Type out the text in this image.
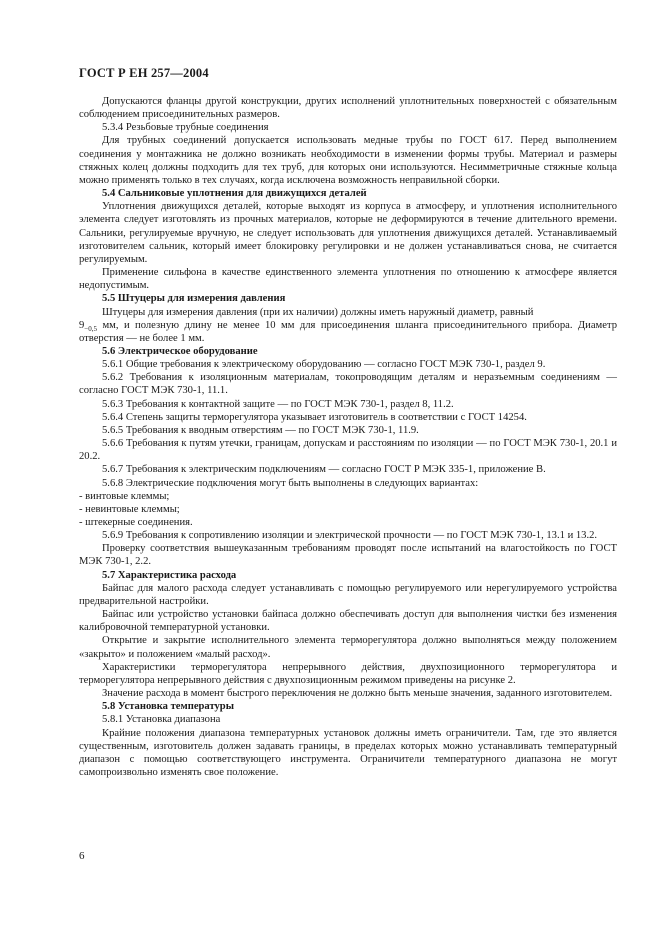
ГОСТ Р ЕН 257—2004

Допускаются фланцы другой конструкции, других исполнений уплотнительных поверхностей с обязательным соблюдением присоединительных размеров.

5.3.4 Резьбовые трубные соединения

Для трубных соединений допускается использовать медные трубы по ГОСТ 617. Перед выполнением соединения у монтажника не должно возникать необходимости в изменении формы трубы. Материал и размеры стяжных колец должны подходить для тех труб, для которых они используются. Несимметричные стяжные кольца можно применять только в тех случаях, когда исключена возможность неправильной сборки.

5.4 Сальниковые уплотнения для движущихся деталей

Уплотнения движущихся деталей, которые выходят из корпуса в атмосферу, и уплотнения исполнительного элемента следует изготовлять из прочных материалов, которые не деформируются в течение длительного времени. Сальники, регулируемые вручную, не следует использовать для уплотнения движущихся деталей. Устанавливаемый изготовителем сальник, который имеет блокировку регулировки и не должен устанавливаться снова, не считается регулируемым.

Применение сильфона в качестве единственного элемента уплотнения по отношению к атмосфере является недопустимым.

5.5 Штуцеры для измерения давления

Штуцеры для измерения давления (при их наличии) должны иметь наружный диаметр, равный

$9_{-0,5}$ мм, и полезную длину не менее 10 мм для присоединения шланга присоединительного прибора. Диаметр отверстия — не более 1 мм.

5.6 Электрическое оборудование

5.6.1 Общие требования к электрическому оборудованию — согласно ГОСТ МЭК 730-1, раздел 9.

5.6.2 Требования к изоляционным материалам, токопроводящим деталям и неразъемным соединениям — согласно ГОСТ МЭК 730-1, 11.1.

5.6.3 Требования к контактной защите — по ГОСТ МЭК 730-1, раздел 8, 11.2.

5.6.4 Степень защиты терморегулятора указывает изготовитель в соответствии с ГОСТ 14254.

5.6.5 Требования к вводным отверстиям — по ГОСТ МЭК 730-1, 11.9.

5.6.6 Требования к путям утечки, границам, допускам и расстояниям по изоляции — по ГОСТ МЭК 730-1, 20.1 и 20.2.

5.6.7 Требования к электрическим подключениям — согласно ГОСТ Р МЭК 335-1, приложение В.

5.6.8 Электрические подключения могут быть выполнены в следующих вариантах:

- винтовые клеммы;

- невинтовые клеммы;

- штекерные соединения.

5.6.9 Требования к сопротивлению изоляции и электрической прочности — по ГОСТ МЭК 730-1, 13.1 и 13.2.

Проверку соответствия вышеуказанным требованиям проводят после испытаний на влагостойкость по ГОСТ МЭК 730-1, 2.2.

5.7 Характеристика расхода

Байпас для малого расхода следует устанавливать с помощью регулируемого или нерегулируемого устройства предварительной настройки.

Байпас или устройство установки байпаса должно обеспечивать доступ для выполнения чистки без изменения калибровочной температурной установки.

Открытие и закрытие исполнительного элемента терморегулятора должно выполняться между положением «закрыто» и положением «малый расход».

Характеристики терморегулятора непрерывного действия, двухпозиционного терморегулятора и терморегулятора непрерывного действия с двухпозиционным режимом приведены на рисунке 2.

Значение расхода в момент быстрого переключения не должно быть меньше значения, заданного изготовителем.

5.8 Установка температуры

5.8.1 Установка диапазона

Крайние положения диапазона температурных установок должны иметь ограничители. Там, где это является существенным, изготовитель должен задавать границы, в пределах которых можно устанавливать температурный диапазон с помощью соответствующего инструмента. Ограничители температурного диапазона не могут самопроизвольно изменять свое положение.

6
